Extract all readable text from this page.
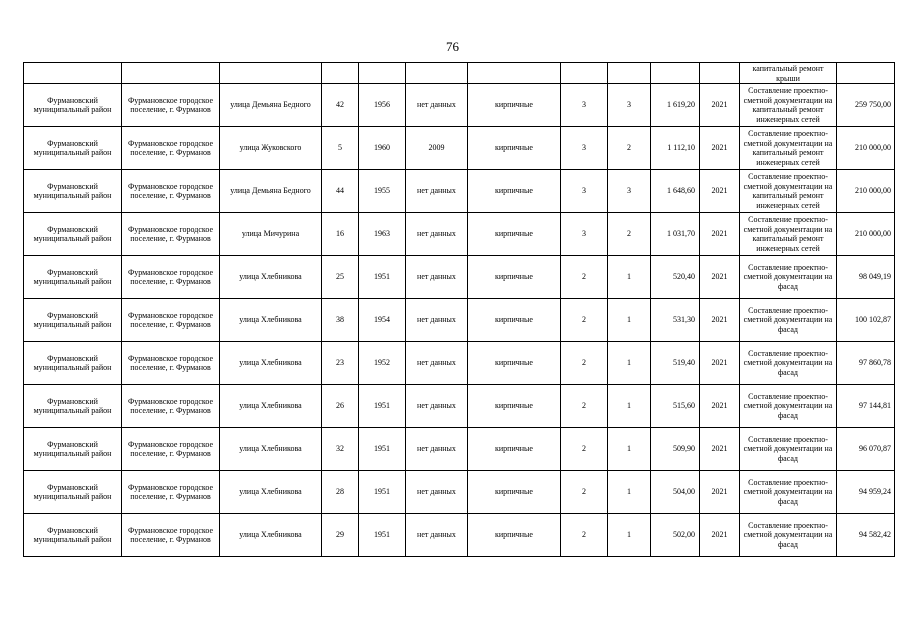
76
											капитальный ремонт крыши	
Фурмановский муниципальный район	Фурмановское городское поселение, г. Фурманов	улица Демьяна Бедного	42	1956	нет данных	кирпичные	3	3	1 619,20	2021	Составление проектно-сметной документации на капитальный ремонт инженерных сетей	259 750,00
Фурмановский муниципальный район	Фурмановское городское поселение, г. Фурманов	улица Жуковского	5	1960	2009	кирпичные	3	2	1 112,10	2021	Составление проектно-сметной документации на капитальный ремонт инженерных сетей	210 000,00
Фурмановский муниципальный район	Фурмановское городское поселение, г. Фурманов	улица Демьяна Бедного	44	1955	нет данных	кирпичные	3	3	1 648,60	2021	Составление проектно-сметной документации на капитальный ремонт инженерных сетей	210 000,00
Фурмановский муниципальный район	Фурмановское городское поселение, г. Фурманов	улица Мичурина	16	1963	нет данных	кирпичные	3	2	1 031,70	2021	Составление проектно-сметной документации на капитальный ремонт инженерных сетей	210 000,00
Фурмановский муниципальный район	Фурмановское городское поселение, г. Фурманов	улица Хлебникова	25	1951	нет данных	кирпичные	2	1	520,40	2021	Составление проектно-сметной документации на фасад	98 049,19
Фурмановский муниципальный район	Фурмановское городское поселение, г. Фурманов	улица Хлебникова	38	1954	нет данных	кирпичные	2	1	531,30	2021	Составление проектно-сметной документации на фасад	100 102,87
Фурмановский муниципальный район	Фурмановское городское поселение, г. Фурманов	улица Хлебникова	23	1952	нет данных	кирпичные	2	1	519,40	2021	Составление проектно-сметной документации на фасад	97 860,78
Фурмановский муниципальный район	Фурмановское городское поселение, г. Фурманов	улица Хлебникова	26	1951	нет данных	кирпичные	2	1	515,60	2021	Составление проектно-сметной документации на фасад	97 144,81
Фурмановский муниципальный район	Фурмановское городское поселение, г. Фурманов	улица Хлебникова	32	1951	нет данных	кирпичные	2	1	509,90	2021	Составление проектно-сметной документации на фасад	96 070,87
Фурмановский муниципальный район	Фурмановское городское поселение, г. Фурманов	улица Хлебникова	28	1951	нет данных	кирпичные	2	1	504,00	2021	Составление проектно-сметной документации на фасад	94 959,24
Фурмановский муниципальный район	Фурмановское городское поселение, г. Фурманов	улица Хлебникова	29	1951	нет данных	кирпичные	2	1	502,00	2021	Составление проектно-сметной документации на фасад	94 582,42
